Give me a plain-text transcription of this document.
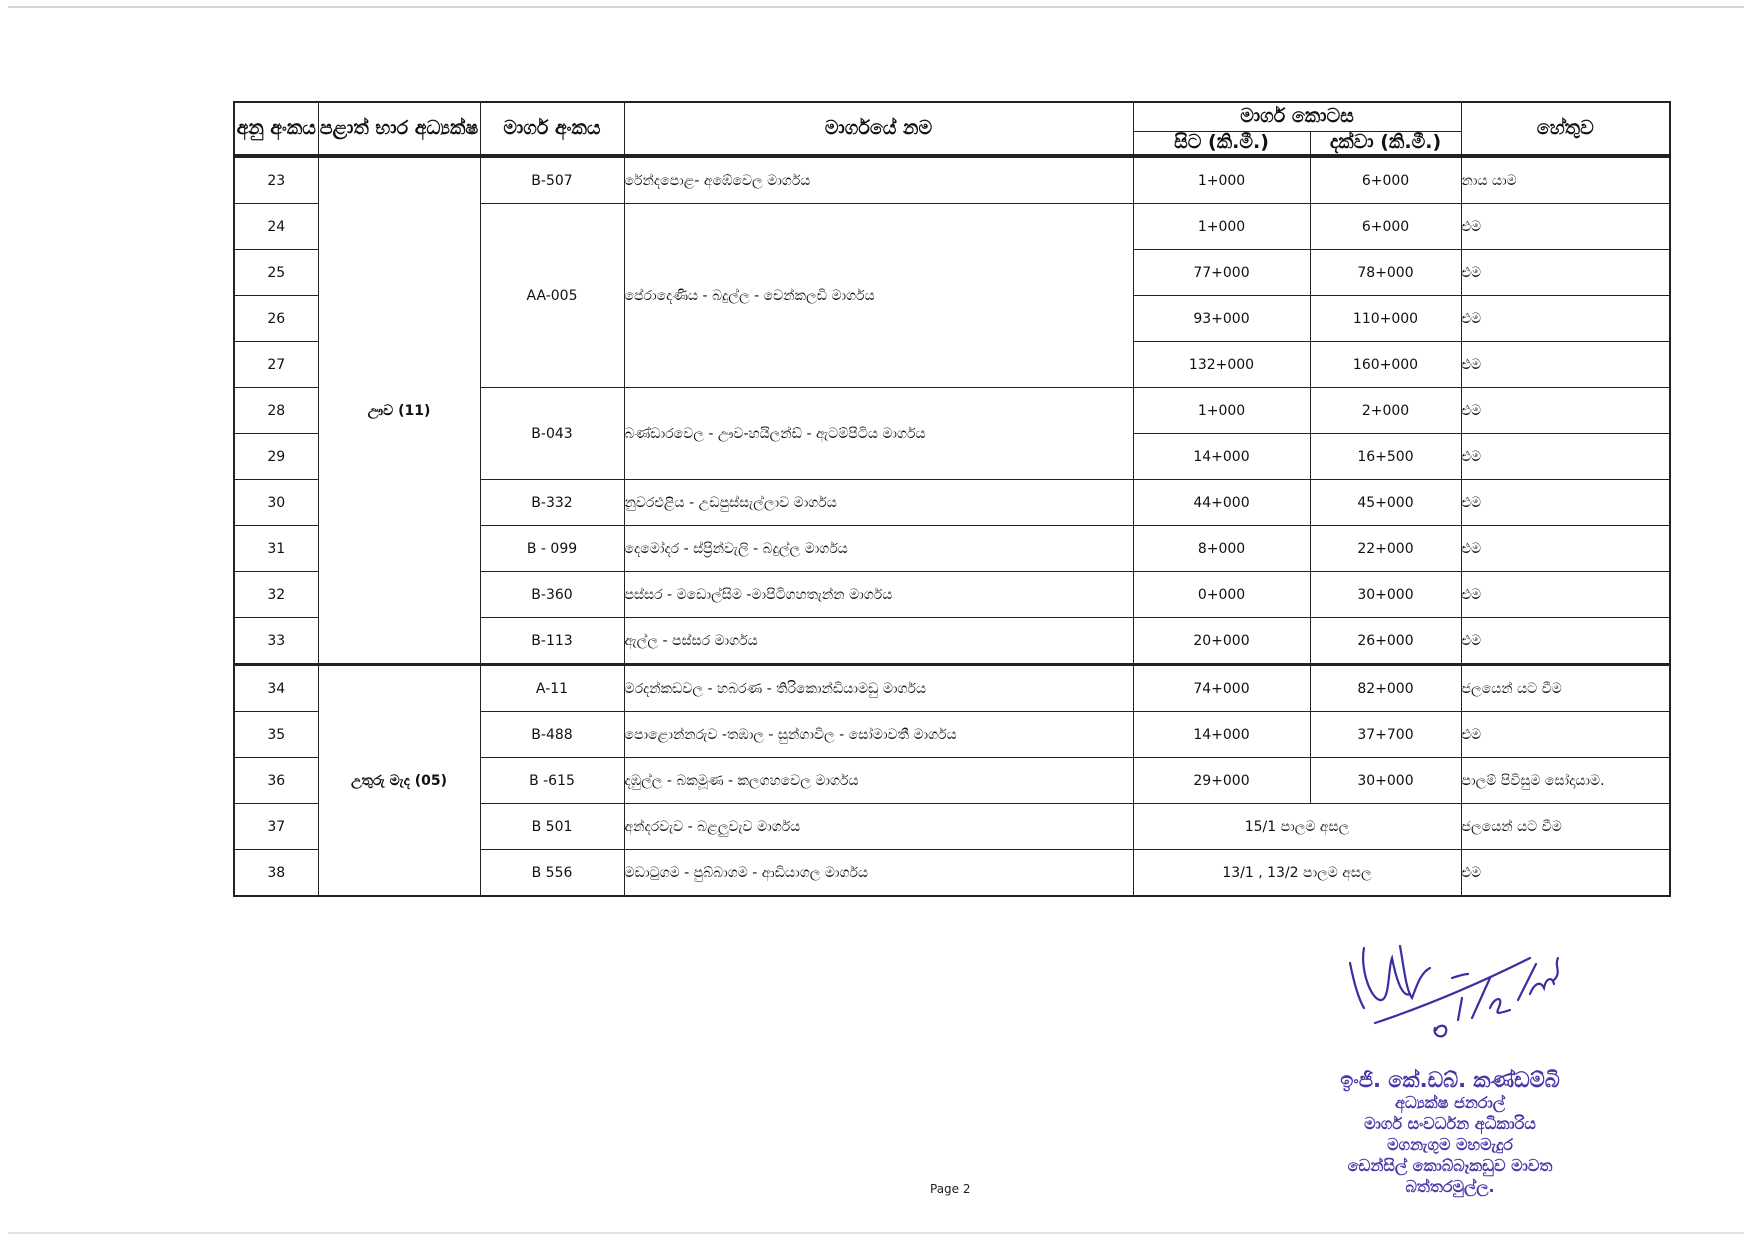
අනු අංකය	පළාත් භාර අධ්‍යක්ෂ	මාර්ග අංකය	මාර්ගයේ නම	මාර්ග කොටස		හේතුව
				සිට (කි.මී.)	දක්වා (කි.මී.)	
23	ඌව (11)	B-507	රේන්දපොළ- අඹේවෙල මාර්ගය	1+000	6+000	නාය යාම
24		AA-005	පේරාදෙණිය - බදුල්ල - චෙන්කලඩි මාර්ගය	1+000	6+000	එම
25				77+000	78+000	එම
26				93+000	110+000	එම
27				132+000	160+000	එම
28		B-043	බණ්ඩාරවෙල - ඌව-හයිලන්ඩ් - ඇටම්පිටිය මාර්ගය	1+000	2+000	එම
29				14+000	16+500	එම
30		B-332	නුවරඑළිය - උඩපුස්සැල්ලාව මාර්ගය	44+000	45+000	එම
31		B - 099	දෙමෝදර - ස්ප්‍රින්වැලි - බදුල්ල මාර්ගය	8+000	22+000	එම
32		B-360	පස්සර - මඩොල්සිම -මාපිටිගහතැන්න මාර්ගය	0+000	30+000	එම
33		B-113	ඇල්ල - පස්සර මාර්ගය	20+000	26+000	එම
34	උතුරු මැද (05)	A-11	මරදන්කඩවල - හබරණ - තිරිකොන්ඩියාමඩු මාර්ගය	74+000	82+000	ජලයෙන් යට වීම
35		B-488	පොළොන්නරුව -තඹාල - සුන්ගාවිල - සෝමාවතී මාර්ගය	14+000	37+700	එම
36		B -615	දඹුල්ල - බකමූණ - කලගහවෙල මාර්ගය	29+000	30+000	පාලම් පිවිසුම සෝදායාම.
37		B 501	අන්දරවැව - බළලුවැව මාර්ගය	15/1 පාලම අසල		ජලයෙන් යට වීම
38		B 556	මඩාටුගම - පුබ්බාගම - ආඩියාගල මාර්ගය	13/1 , 13/2 පාලම අසල		එම
ඉංජි. කේ.ඩබ්. කණ්ඩම්බි
අධ්‍යක්ෂ ජනරාල්
මාර්ග සංවර්ධන අධිකාරිය
මගනැගුම මහමැදුර
ඩෙන්සිල් කොබ්බෑකඩුව මාවත
බත්තරමුල්ල.
Page 2
